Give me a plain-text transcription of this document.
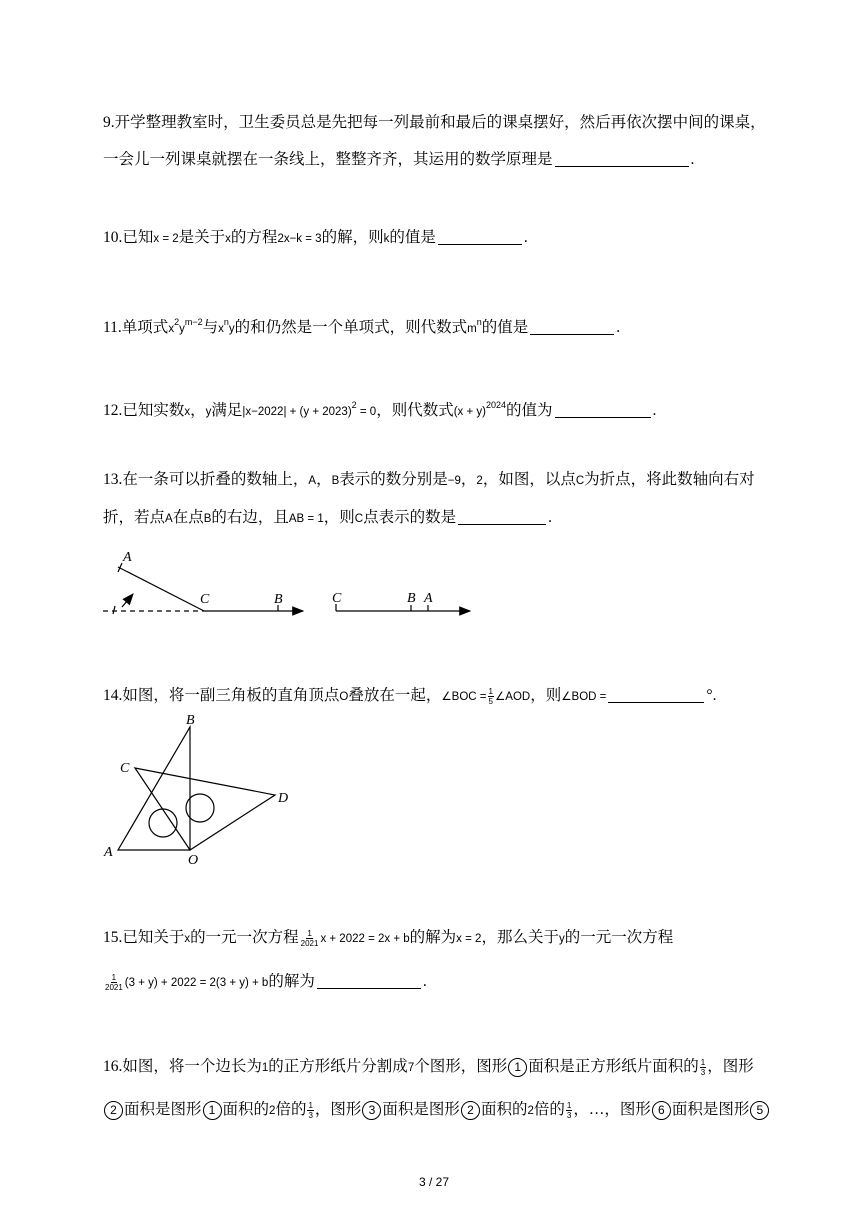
9.开学整理教室时，卫生委员总是先把每一列最前和最后的课桌摆好，然后再依次摆中间的课桌，
一会儿一列课桌就摆在一条线上，整整齐齐，其运用的数学原理是	.
10.已知x = 2是关于x的方程2x−k = 3的解，则k的值是	.
11.单项式$x^2y^{m-2}$与$x^ny$的和仍然是一个单项式，则代数式$m^n$的值是	.
12.已知实数x，y满足$|x-2022| + (y + 2023)^2 = 0$，则代数式$(x + y)^{2024}$的值为	.
13.在一条可以折叠的数轴上，A，B表示的数分别是−9，2，如图，以点C为折点，将此数轴向右对
折，若点A在点B的右边，且AB = 1，则C点表示的数是	.
A
C	B	C	B A
14.如图，将一副三角板的直角顶点O叠放在一起，∠BOC = $\frac{1}{5}$ ∠AOD，则∠BOD =	°.
B
C
D
A
O
15.已知关于x的一元一次方程 $\frac{1}{2021}$ x + 2022 = 2x + b的解为x = 2，那么关于y的一元一次方程
$\frac{1}{2021} (3 + y) + 2022 = 2(3 + y) + b$的解为	.
16.如图，将一个边长为1的正方形纸片分割成7个图形，图形 1 面积是正方形纸片面积的 $\frac{1}{3}$ ，图形
2 面积是图形 1 面积的2倍的 $\frac{1}{3}$ ，图形 3 面积是图形 2 面积的2倍的 $\frac{1}{3}$ ，…，图形 6 面积是图形 5
3 / 27
